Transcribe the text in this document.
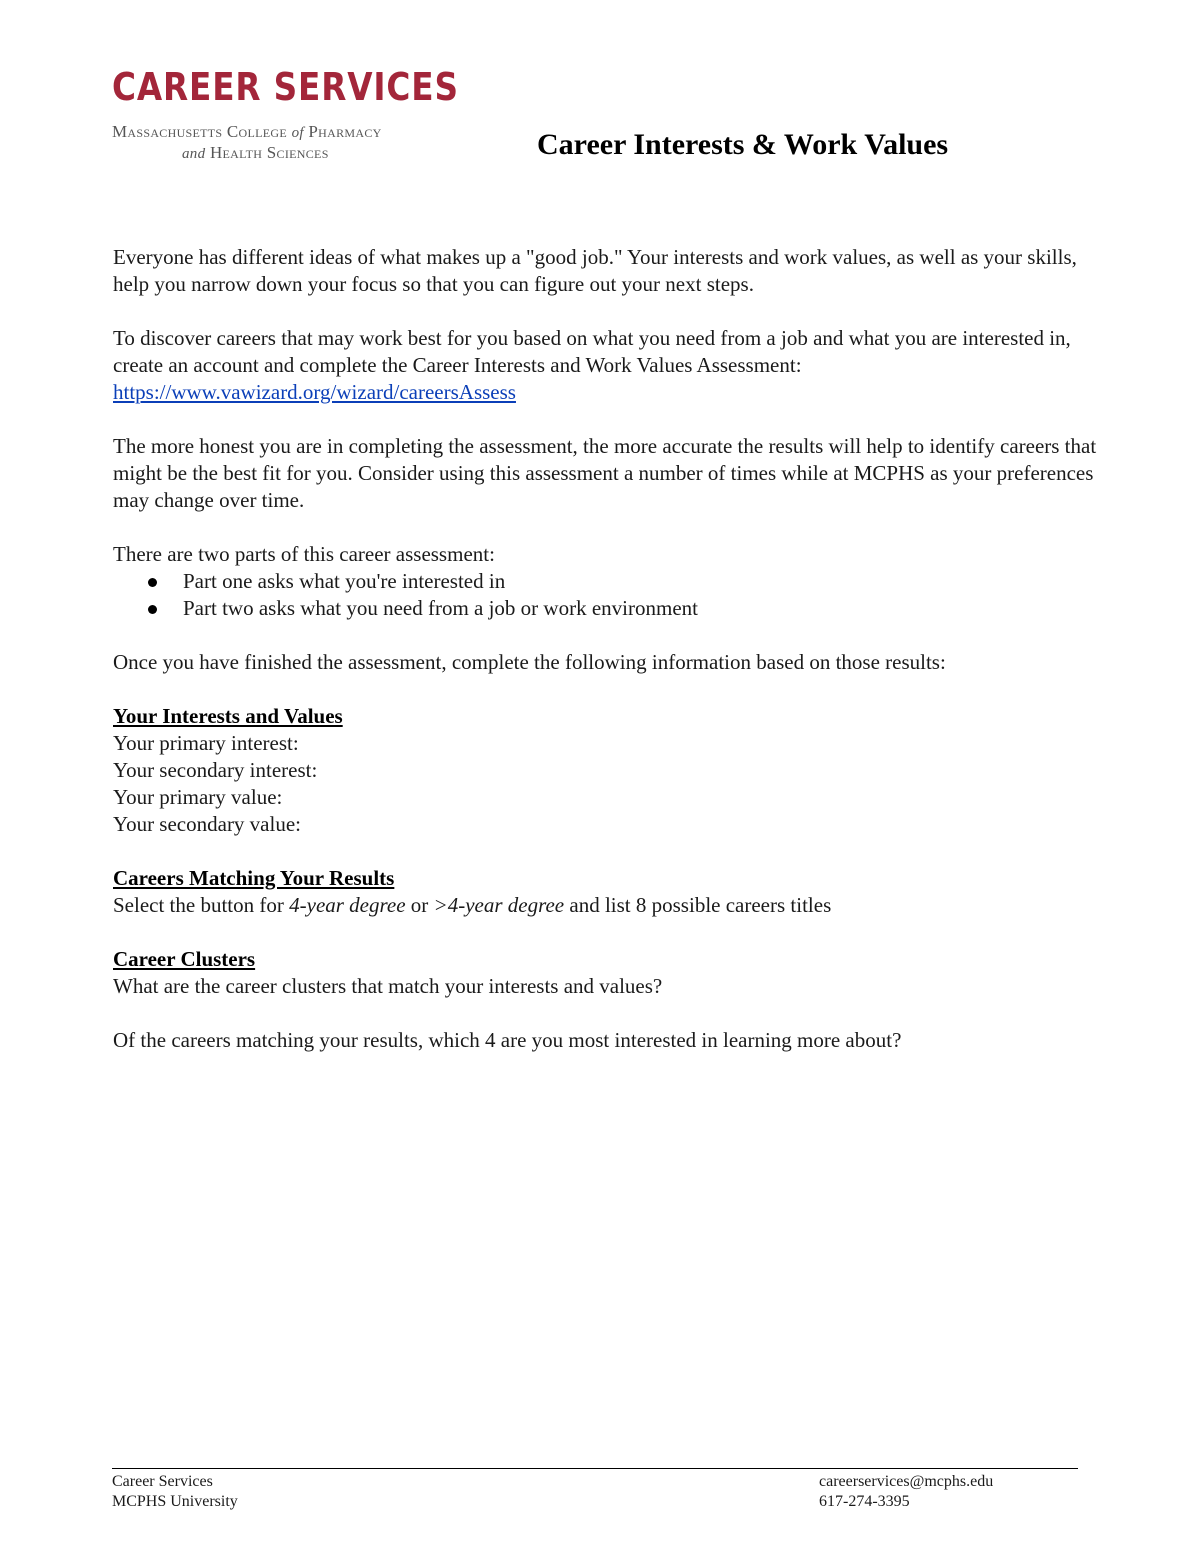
CAREER SERVICES
Massachusetts College of Pharmacy
and Health Sciences	Career Interests & Work Values

Everyone has different ideas of what makes up a "good job." Your interests and work values, as well as your skills, help you narrow down your focus so that you can figure out your next steps.

To discover careers that may work best for you based on what you need from a job and what you are interested in, create an account and complete the Career Interests and Work Values Assessment:
https://www.vawizard.org/wizard/careersAssess

The more honest you are in completing the assessment, the more accurate the results will help to identify careers that might be the best fit for you. Consider using this assessment a number of times while at MCPHS as your preferences may change over time.

There are two parts of this career assessment:
Part one asks what you're interested in
Part two asks what you need from a job or work environment

Once you have finished the assessment, complete the following information based on those results:

Your Interests and Values
Your primary interest:
Your secondary interest:
Your primary value:
Your secondary value:
Careers Matching Your Results
Select the button for 4-year degree or >4-year degree and list 8 possible careers titles
Career Clusters
What are the career clusters that match your interests and values?

Of the careers matching your results, which 4 are you most interested in learning more about?

Career Services
MCPHS University
careerservices@mcphs.edu
617-274-3395
